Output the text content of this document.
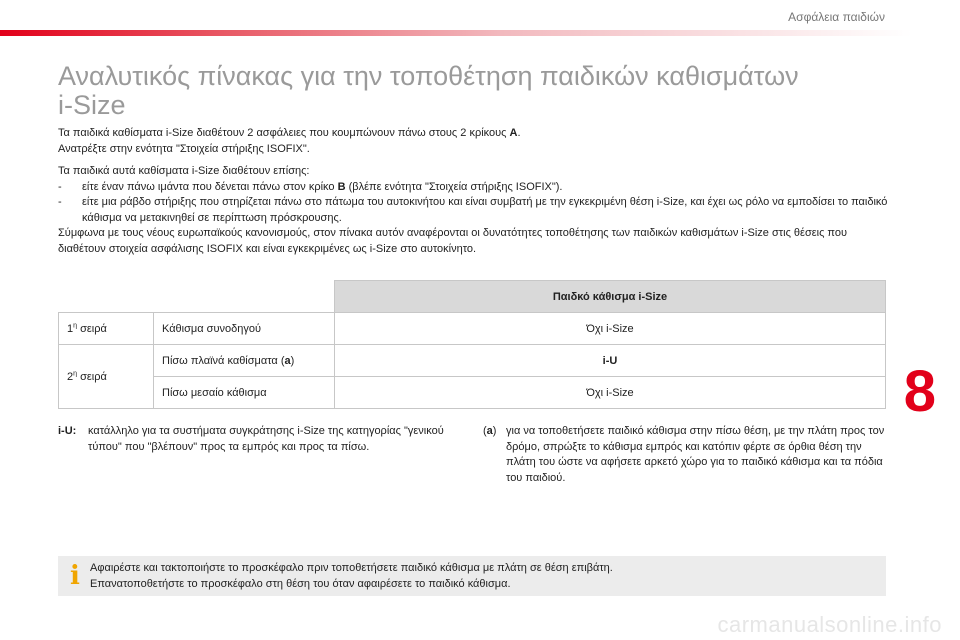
Ασφάλεια παιδιών
Αναλυτικός πίνακας για την τοποθέτηση παιδικών καθισμάτων
i-Size

Τα παιδικά καθίσματα i-Size διαθέτουν 2 ασφάλειες που κουμπώνουν πάνω στους 2 κρίκους A.

Ανατρέξτε στην ενότητα "Στοιχεία στήριξης ISOFIX".

Τα παιδικά αυτά καθίσματα i-Size διαθέτουν επίσης:

-	είτε έναν πάνω ιμάντα που δένεται πάνω στον κρίκο B (βλέπε ενότητα "Στοιχεία στήριξης ISOFIX").
-	είτε μια ράβδο στήριξης που στηρίζεται πάνω στο πάτωμα του αυτοκινήτου και είναι συμβατή με την εγκεκριμένη θέση i-Size, και έχει ως ρόλο να εμποδίσει το παιδικό κάθισμα να μετακινηθεί σε περίπτωση πρόσκρουσης.

Σύμφωνα με τους νέους ευρωπαϊκούς κανονισμούς, στον πίνακα αυτόν αναφέρονται οι δυνατότητες τοποθέτησης των παιδικών καθισμάτων i-Size στις θέσεις που διαθέτουν στοιχεία ασφάλισης ISOFIX και είναι εγκεκριμένες ως i-Size στο αυτοκίνητο.

		Παιδκό κάθισμα i-Size
$1^\eta$ σειρά	Κάθισμα συνοδηγού	Όχι i-Size
$2^\eta$ σειρά	Πίσω πλαϊνά καθίσματα (a)	i-U
	Πίσω μεσαίο κάθισμα	Όχι i-Size
i-U:	κατάλληλο για τα συστήματα συγκράτησης i-Size της κατηγορίας "γενικού τύπου" που "βλέπουν" προς τα εμπρός και προς τα πίσω.
(a) για να τοποθετήσετε παιδικό κάθισμα στην πίσω θέση, με την πλάτη προς τον δρόμο, σπρώξτε το κάθισμα εμπρός και κατόπιν φέρτε σε όρθια θέση την πλάτη του ώστε να αφήσετε αρκετό χώρο για το παιδικό κάθισμα και τα πόδια του παιδιού.
i Αφαιρέστε και τακτοποιήστε το προσκέφαλο πριν τοποθετήσετε παιδικό κάθισμα με πλάτη σε θέση επιβάτη.

Επανατοποθετήστε το προσκέφαλο στη θέση του όταν αφαιρέσετε το παιδικό κάθισμα.

8
carmanualsonline.info
